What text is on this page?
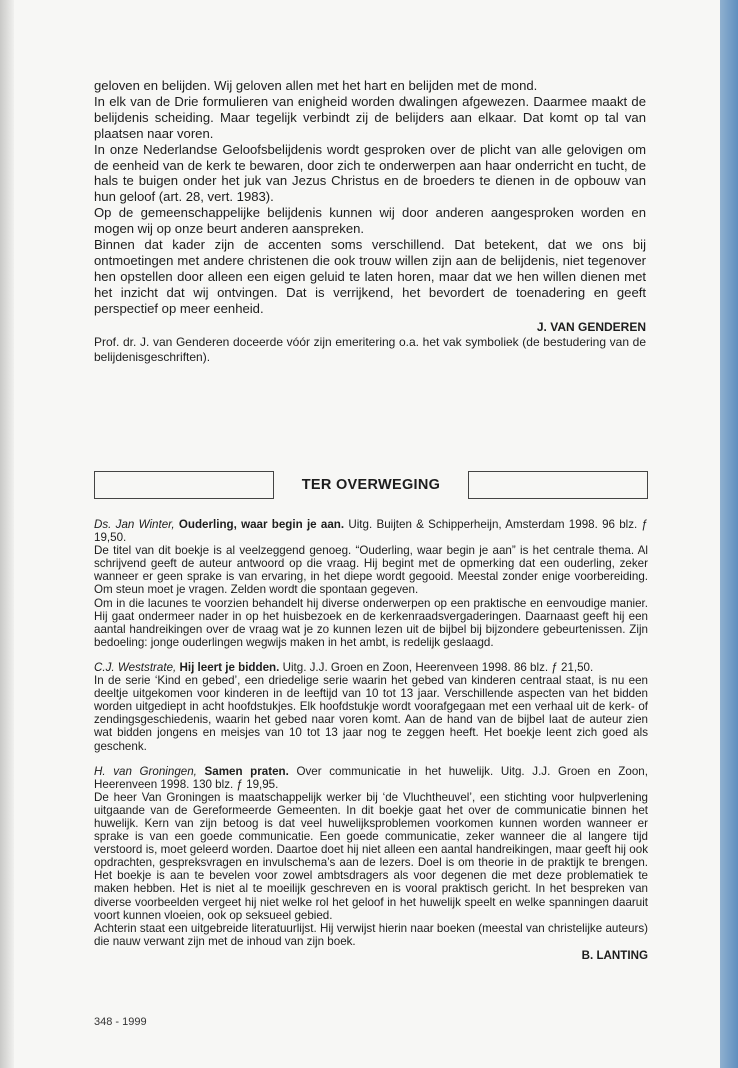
geloven en belijden. Wij geloven allen met het hart en belijden met de mond.

In elk van de Drie formulieren van enigheid worden dwalingen afgewezen. Daarmee maakt de belijdenis scheiding. Maar tegelijk verbindt zij de belijders aan elkaar. Dat komt op tal van plaatsen naar voren.

In onze Nederlandse Geloofsbelijdenis wordt gesproken over de plicht van alle gelovigen om de eenheid van de kerk te bewaren, door zich te onderwerpen aan haar onderricht en tucht, de hals te buigen onder het juk van Jezus Christus en de broeders te dienen in de opbouw van hun geloof (art. 28, vert. 1983).

Op de gemeenschappelijke belijdenis kunnen wij door anderen aangesproken worden en mogen wij op onze beurt anderen aanspreken.

Binnen dat kader zijn de accenten soms verschillend. Dat betekent, dat we ons bij ontmoetingen met andere christenen die ook trouw willen zijn aan de belijdenis, niet tegenover hen opstellen door alleen een eigen geluid te laten horen, maar dat we hen willen dienen met het inzicht dat wij ontvingen. Dat is verrijkend, het bevordert de toenadering en geeft perspectief op meer eenheid.

J. VAN GENDEREN

Prof. dr. J. van Genderen doceerde vóór zijn emeritering o.a. het vak symboliek (de bestudering van de belijdenisgeschriften).

TER OVERWEGING

Ds. Jan Winter, Ouderling, waar begin je aan. Uitg. Buijten & Schipperheijn, Amsterdam 1998. 96 blz. ƒ 19,50.

De titel van dit boekje is al veelzeggend genoeg. “Ouderling, waar begin je aan” is het centrale thema. Al schrijvend geeft de auteur antwoord op die vraag. Hij begint met de opmerking dat een ouderling, zeker wanneer er geen sprake is van ervaring, in het diepe wordt gegooid. Meestal zonder enige voorbereiding. Om steun moet je vragen. Zelden wordt die spontaan gegeven.

Om in die lacunes te voorzien behandelt hij diverse onderwerpen op een praktische en eenvoudige manier. Hij gaat ondermeer nader in op het huisbezoek en de kerkenraadsvergaderingen. Daarnaast geeft hij een aantal handreikingen over de vraag wat je zo kunnen lezen uit de bijbel bij bijzondere gebeurtenissen. Zijn bedoeling: jonge ouderlingen wegwijs maken in het ambt, is redelijk geslaagd.

C.J. Weststrate, Hij leert je bidden. Uitg. J.J. Groen en Zoon, Heerenveen 1998. 86 blz. ƒ 21,50.

In de serie ‘Kind en gebed’, een driedelige serie waarin het gebed van kinderen centraal staat, is nu een deeltje uitgekomen voor kinderen in de leeftijd van 10 tot 13 jaar. Verschillende aspecten van het bidden worden uitgediept in acht hoofdstukjes. Elk hoofdstukje wordt voorafgegaan met een verhaal uit de kerk- of zendingsgeschiedenis, waarin het gebed naar voren komt. Aan de hand van de bijbel laat de auteur zien wat bidden jongens en meisjes van 10 tot 13 jaar nog te zeggen heeft. Het boekje leent zich goed als geschenk.

H. van Groningen, Samen praten. Over communicatie in het huwelijk. Uitg. J.J. Groen en Zoon, Heerenveen 1998. 130 blz. ƒ 19,95.

De heer Van Groningen is maatschappelijk werker bij ‘de Vluchtheuvel’, een stichting voor hulpverlening uitgaande van de Gereformeerde Gemeenten. In dit boekje gaat het over de communicatie binnen het huwelijk. Kern van zijn betoog is dat veel huwelijksproblemen voorkomen kunnen worden wanneer er sprake is van een goede communicatie. Een goede communicatie, zeker wanneer die al langere tijd verstoord is, moet geleerd worden. Daartoe doet hij niet alleen een aantal handreikingen, maar geeft hij ook opdrachten, gespreksvragen en invulschema’s aan de lezers. Doel is om theorie in de praktijk te brengen. Het boekje is aan te bevelen voor zowel ambtsdragers als voor degenen die met deze problematiek te maken hebben. Het is niet al te moeilijk geschreven en is vooral praktisch gericht. In het bespreken van diverse voorbeelden vergeet hij niet welke rol het geloof in het huwelijk speelt en welke spanningen daaruit voort kunnen vloeien, ook op seksueel gebied.

Achterin staat een uitgebreide literatuurlijst. Hij verwijst hierin naar boeken (meestal van christelijke auteurs) die nauw verwant zijn met de inhoud van zijn boek.

B. LANTING
348 - 1999
